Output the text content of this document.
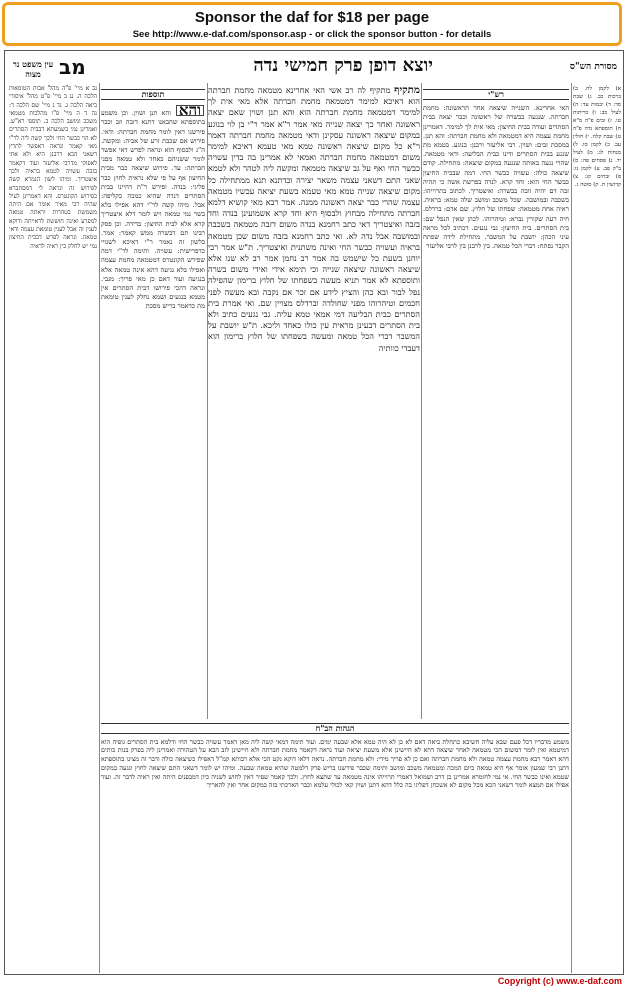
Sponsor the daf for $18 per page
See http://www.e-daf.com/sponsor.asp - or click the sponsor button - for details
יוצא דופן פרק חמישי נדה
מב	מסורת הש"ס
עין משפט נר מצוה

מתקיף מתקיף לה רב אשי האי אחרינא מטמאה מחמת חברתה הוא דאיכא למימר דמטמאה מחמת חברתה אלא מאי אית לך למימר דמטמאה מחמת חברתה הוא והא תנן ושוין שאם יצאה ראשונה ואחר כך יצאה שנייה מאי אמר ר"א אמר ר"י בן לוי בנוגע במקום שיצאה ראשונה עסקינן ודאי מטמאה מחמת חברתה דאמר ר"א כל מקום שיצאה ראשונה טמא מאי טעמא דאיכא למימר משום דמטמאה מחמת חברתה ואמאי לא אמרינן בה בדין עשויה כבשר החי ואף על גב שיצאה מטמאה ומקשה ליה לטהר ולא לטמא שאני התם דשאני עצמה משאר יצירה וכדתנא תנא ממתחילה כל מקום שיצאה שנייה טמא מאי טעמא בשעת יציאה עכשיו מטמאה עצמה שהרי כבר יצאה ראשונה ממנה. אמר רבא מאי קושיא דלמא חברתה מתחילה מבחוץ ולבסוף היא וחד קרא אשמועינן בנדה וחד בזבה ואיצטריך דאי כתב רחמנא בנדה משום דזבה מטמאה בשכבה ובמושבה אבל נדה לא. ואי כתב רחמנא בזבה משום שכן מטמאה בראיה ועשויה כבשר החי ואינה משתנית ואיצטריך. ת"ש אמר רבי יוחנן בשעת כל שישמש בה אמר רב נחמן אמר רב לא שנו אלא שיצאה ראשונה שיצאה שנייה וכי תימא אידי ואידי משום בשרה ותוספתא לא אמר תניא מעשה בשפחתו של חלוץ ברימון שהפילה נפל לבור ובא כהן והציץ לידע אם זכר אם נקבה ובא מעשה לפני חכמים וטיהרוהו מפני שחולדה וברדלס מצויין שם. ואי אמרת בית הסתרים כבית הבליעה דמי אמאי טמא עליה. גבי נגעים כתיב ולא בית הסתרים דבעינן מראית עין כולו כאחד וליכא. ת"ש יושבת על המשבר דברי הכל טמאה ומעשה בשפחתו של חלוץ ברימון הוא דעבדי כוותיה

רש"י

האי אחרינא. השנייה שיצאה אחר הראשונה: מחמת חברתה. שנגעה בבשרה של ראשונה וכבר יצאה בבית הסתרים ועודה בבית החיצון: מאי אית לך למימר. דאמרינן מחמת עצמה היא דמטמאה ולא מחמת חברתה: והא תנן. במסכת זבים: ושוין. רבי אליעזר ורבנן: בנוגע. בטמא מת שנגע בבית הסתרים ודינו כבית הבליעה: ודאי מטמאה. שהרי נגעה באותה שנגעה במקום שיצאה: מתחילה. קודם שיצאה כולה: עשויה כבשר החי. דמה שבבית החיצון כבשר החי הוא: וחד קרא. לנדה בפרשת אשה כי תהיה זבה דם יהיה זובה בבשרה: ואיצטריך. לכתוב בתרוייהו: בשכבה ובמושבה. שכל משכב ומושב שלה טמא: בראיה. ראיה אחת מטמאה: שפחתו של חלוץ. שם אדם: ברדלס. חיה רעה שקורין נברא: וטיהרוהו. לכהן שאין הנפל שם: בית הסתרים. בית החיצון: גבי נגעים. דכתיב לכל מראה עיני הכהן: יושבת על המשבר. מתחילת לידה שפתח הקבר נפתח: דברי הכל טמאה. בין לרבנן בין לרבי אליעזר

תוספות

והא והא תנן ושוין. וכן משמע בתוספתא שהבאנו דתנא דזבה וזב וכבר פירשנו דאין לומר מחמת חברתה: ודאי. פירוש אם שכבת זרע של אביה: ומקשה. ה"ג ולבסוף הוא ונראה לפרש דאי אפשר לומר ששניהם כאחד ולא טמאה מפני חברתה: עד. פירוש שיצאה כבר מבית החיצון אף על פי שלא נראית לחוץ כבר פליגי: בנדה. ופירש ר"ת דהיינו בבית הסתרים דנדה שהיא כמכה בקליפה: אבל. מיהו קשה לר"י דהא אפילו בלא בשר נמי טמאה ויש לומר דלא איצטריך קרא אלא לבית החיצון: בדידה. וכן פסק רבינו תם דבשרה ממש קאמר: אמר. בלשון זה נאמר ר"י דאיכא לשנויי כדפרישית: עשויה. ותימה לר"י דמה שפירש הקונטרס דמטמאה מחמת עצמה ואפילו בלא נגיעה דהא אינה טמאה אלא בנגיעה ועוד דאם כן מאי פריך: מגבי. ונראה דהכי פירושו דבית הסתרים אין מטמא בנגעים ושמא נחלק לענין טומאת מת כדאמר בריש מסכת

א) לקמן לח. ב) ברכות כב. ג) שבת סד: ד) יבמות עד: ה) לעיל כב: ו) כריתות טו. ז) זבים פ"ה מ"א ח) תוספתא נדה פ"ה ט) שבת קלה. י) חולין עב. כ) לקמן סו. ל) מנחות לג: מ) לעיל יד. נ) פסחים פה: ס) ב"ק פב. ע) לקמן נז: פ) זבחים קג: צ) קדושין ח. ק) סוטה ג.

נב א מיי' פ"ה מהל' אבות הטומאות הלכה ה. נג ב מיי' פ"ט מהל' איסורי ביאה הלכה ג. נד ג מיי' שם הלכה ד: נה ד ה מיי' פ"ו מהלכות מטמאי משכב ומושב הלכה ב. תוספי רא"ש. ואמרינן נמי בשמעתא דבבית הסתרים לא הוי כבשר החי ולכך קשה ליה לר"י מאי קאמר ונראה דאפשר לתרץ דשאני הכא דרבנן היא ולא אתי לאפוקי מדרבי אליעזר ועוד דקאמר בזבה עשויה לטמא בראיה ולכך איצטריך. ומיהו לשון הגמרא קשה לפירוש זה ונראה לי דמסתברא כפירוש הקונטרס. והא דאמרינן לעיל שהיה רבי מאיר אומר אם היתה משמשת בטהרות וראתה טמאה למפרע ואינה חוששת לראייתה ודוקא לענין זה אבל לענין טומאת עצמה ודאי טמאה. ונראה לפרש דבבית החיצון נמי יש לחלק בין ראיה לראיה

הגהות הב"ח

משמע מדבריו דכל פעם שבא עליה חשיבא כתחלת ביאה דאם לא כן לא היה טמא אלא שבעה ימים. ועוד תימה דמאי קשה ליה מאן דאמר עשויה כבשר החי ודלמא בית הסתרים גופיה הוא דמיטמא ואין לומר דמשום הכי מטמאה לאחר שיצאה דהא לא חיישינן אלא משעת יציאה ועוד נראה דקאמר מחמת חברתה ולא חיישינן לזב הבא על הטהורה ואמרינן ליה בפרק בנות כותים דהא דאמר רבא מחמת עצמה טמאה ולא מחמת חברתה ואם כן לא פריך מידי: ולא מחמת חברתה. נראה דלאו דוקא נקט הכי אלא רבותא קמ"ל דאפילו כשיצאה כולה ודבר זה מצינו בתוספתא דתנן רבי שמעון אומר אף היא טמאה ביום המכה ומטמאה משכב ומושב ותימה שכבר פירשנו בריש פרק דלמטה שהיא טמאה שבעה. ומיהו יש לומר דשאני התם שיצאה לחוץ ונגעה במקום שטמא ואינו כבשר החי. אי נמי לחומרא אמרינן כן דרב ושמואל דאמרי תרוייהו אינה מטמאה עד שתצא לחוץ. ולכך קאמר שפיר דאין לחוש לשניה כיון דמבפנים היתה ואין ראיה לדבר זה. ועוד אפילו אם תמצא לומר דשאני הכא מכל מקום לא אשכחן דפליגי בה כלל דהא דתנן ושוין קאי לכולי עלמא וכבר הארכתי בזה במקום אחר ואין להאריך

Copyright (c) www.e-daf.com
